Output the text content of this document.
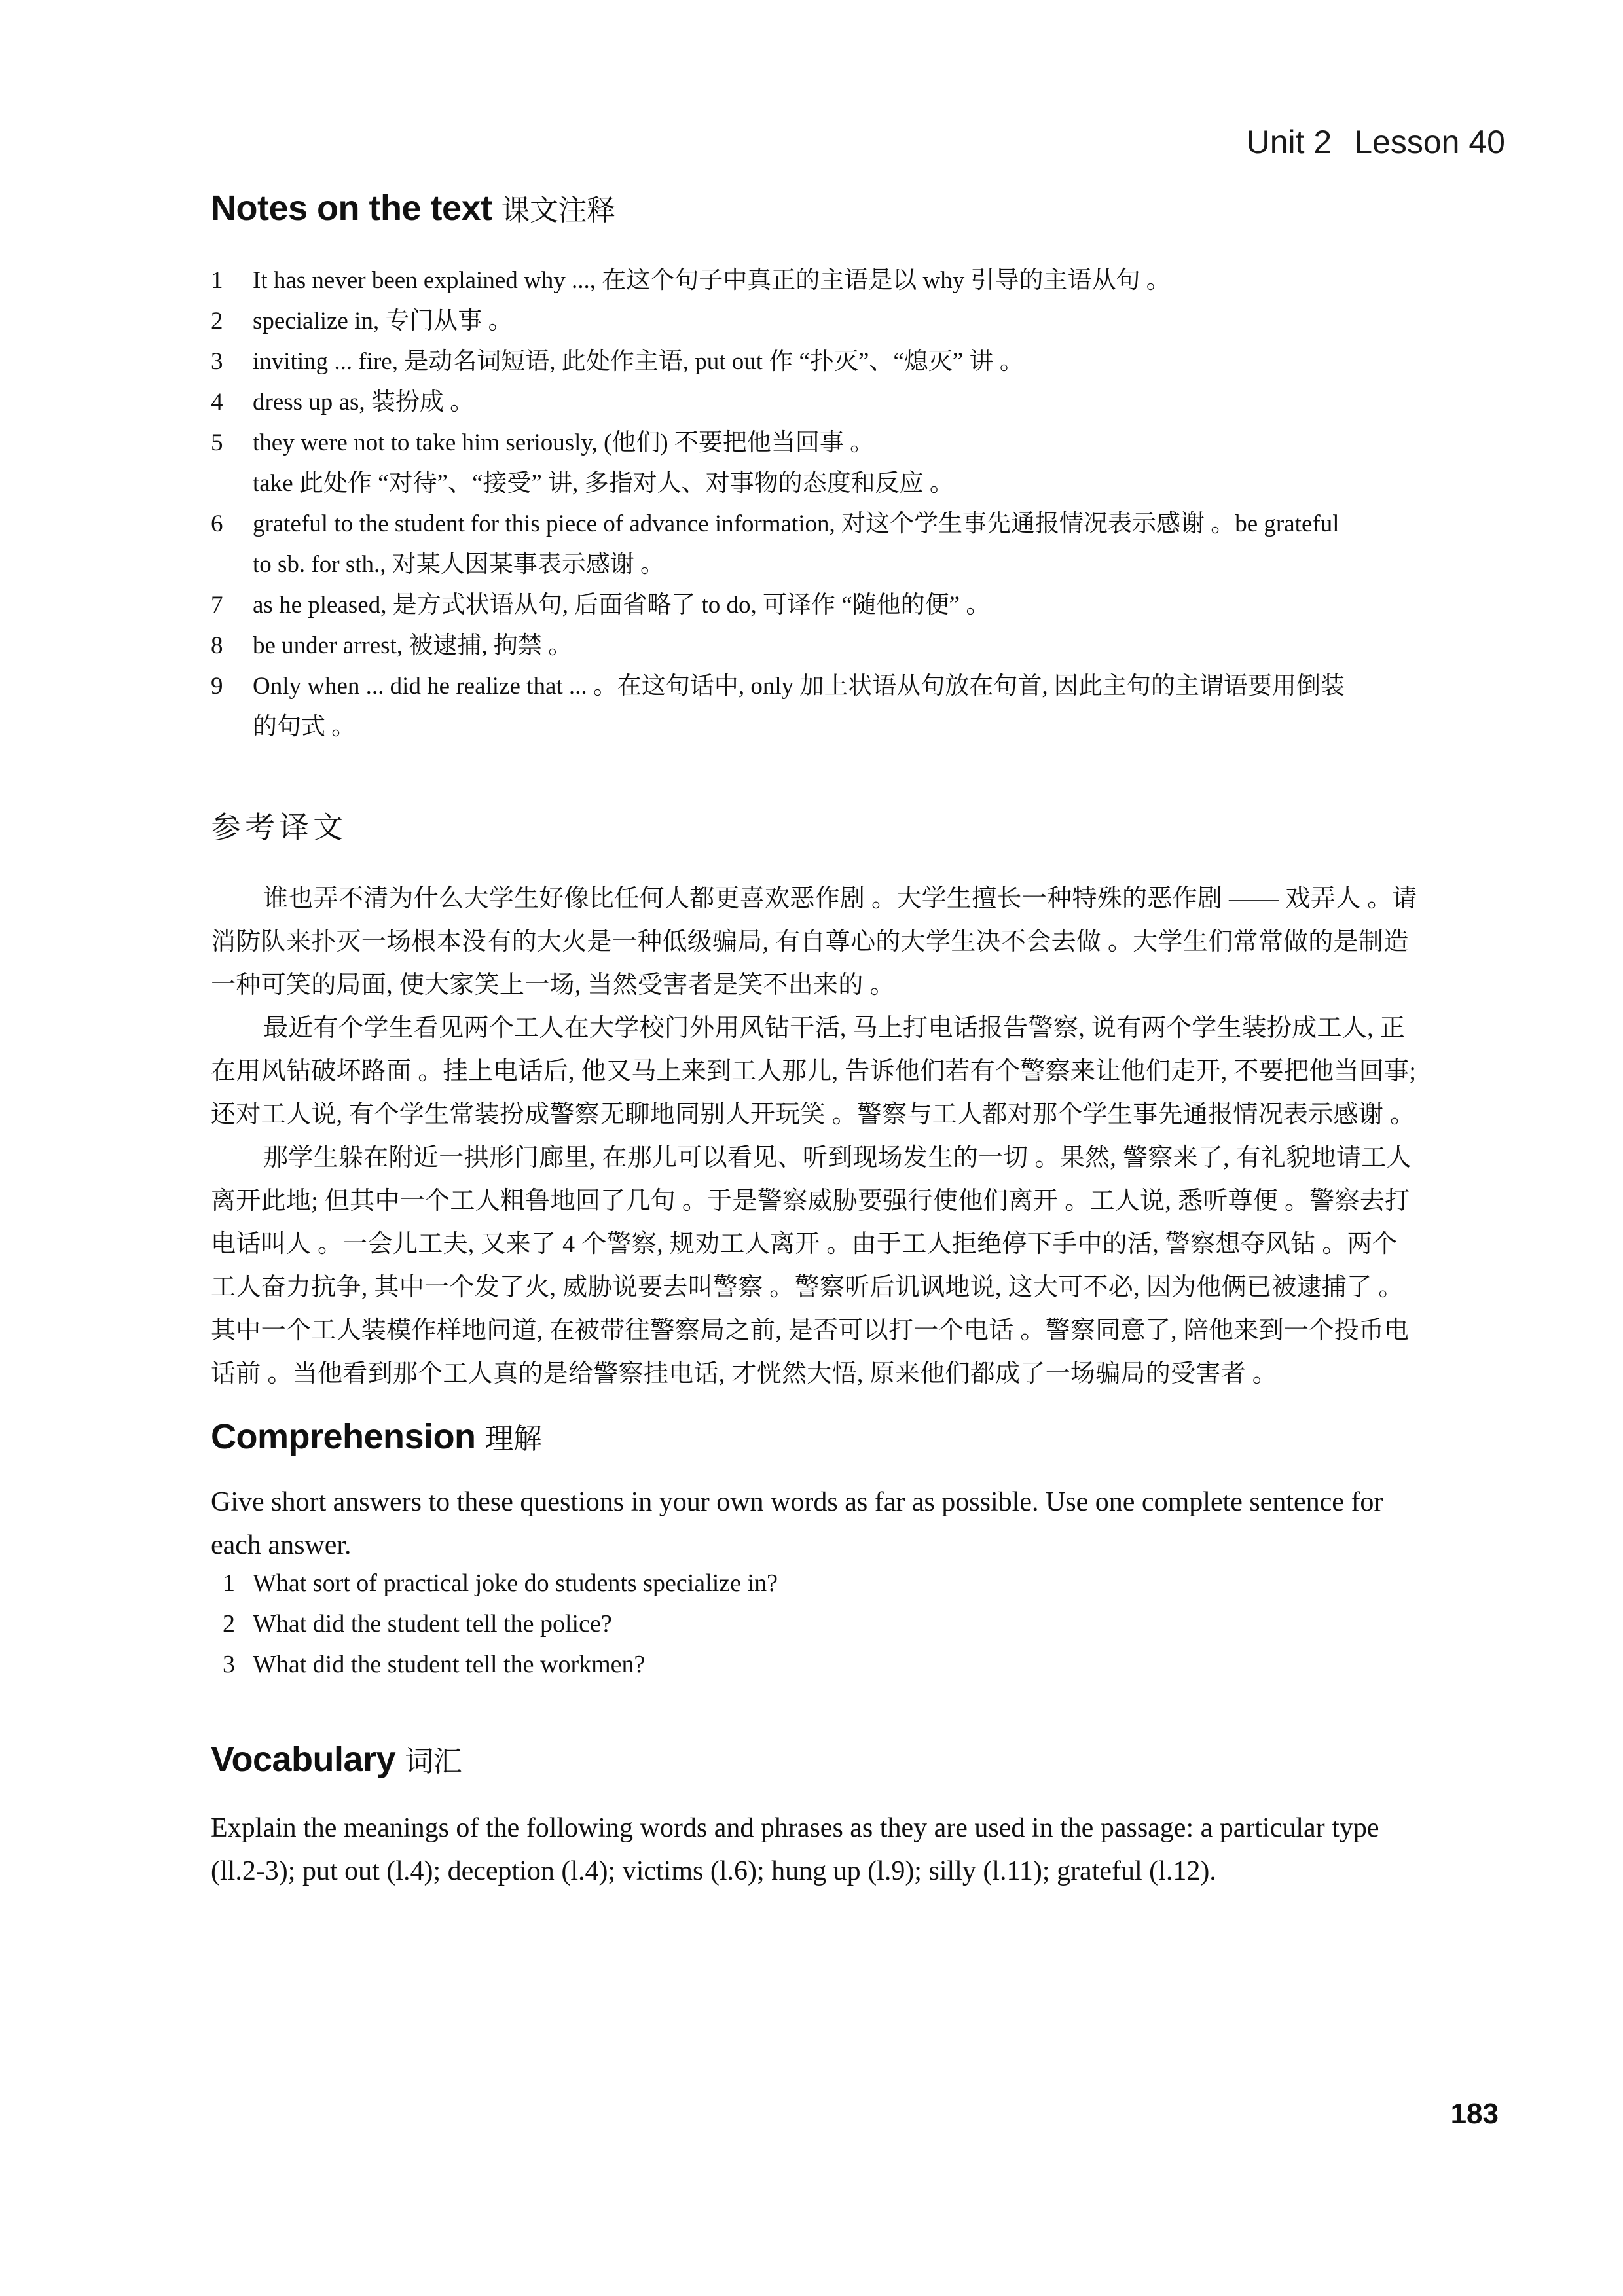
Unit 2 Lesson 40
Notes on the text 课文注释
1 It has never been explained why ..., 在这个句子中真正的主语是以 why 引导的主语从句 。
2 specialize in, 专门从事 。
3 inviting ... fire, 是动名词短语, 此处作主语, put out 作 “扑灭”、“熄灭” 讲 。
4 dress up as, 装扮成 。
5 they were not to take him seriously, (他们) 不要把他当回事 。
take 此处作 “对待”、“接受” 讲, 多指对人、对事物的态度和反应 。
6 grateful to the student for this piece of advance information, 对这个学生事先通报情况表示感谢 。be grateful
to sb. for sth., 对某人因某事表示感谢 。
7 as he pleased, 是方式状语从句, 后面省略了 to do, 可译作 “随他的便” 。
8 be under arrest, 被逮捕, 拘禁 。
9 Only when ... did he realize that ... 。在这句话中, only 加上状语从句放在句首, 因此主句的主谓语要用倒装
的句式 。
参考译文
谁也弄不清为什么大学生好像比任何人都更喜欢恶作剧 。大学生擅长一种特殊的恶作剧 —— 戏弄人 。请
消防队来扑灭一场根本没有的大火是一种低级骗局, 有自尊心的大学生决不会去做 。大学生们常常做的是制造
一种可笑的局面, 使大家笑上一场, 当然受害者是笑不出来的 。
最近有个学生看见两个工人在大学校门外用风钻干活, 马上打电话报告警察, 说有两个学生装扮成工人, 正
在用风钻破坏路面 。挂上电话后, 他又马上来到工人那儿, 告诉他们若有个警察来让他们走开, 不要把他当回事;
还对工人说, 有个学生常装扮成警察无聊地同别人开玩笑 。警察与工人都对那个学生事先通报情况表示感谢 。
那学生躲在附近一拱形门廊里, 在那儿可以看见、听到现场发生的一切 。果然, 警察来了, 有礼貌地请工人
离开此地; 但其中一个工人粗鲁地回了几句 。于是警察威胁要强行使他们离开 。工人说, 悉听尊便 。警察去打
电话叫人 。一会儿工夫, 又来了 4 个警察, 规劝工人离开 。由于工人拒绝停下手中的活, 警察想夺风钻 。两个
工人奋力抗争, 其中一个发了火, 威胁说要去叫警察 。警察听后讥讽地说, 这大可不必, 因为他俩已被逮捕了 。
其中一个工人装模作样地问道, 在被带往警察局之前, 是否可以打一个电话 。警察同意了, 陪他来到一个投币电
话前 。当他看到那个工人真的是给警察挂电话, 才恍然大悟, 原来他们都成了一场骗局的受害者 。
Comprehension 理解
Give short answers to these questions in your own words as far as possible. Use one complete sentence for
each answer.
1 What sort of practical joke do students specialize in?
2 What did the student tell the police?
3 What did the student tell the workmen?
Vocabulary 词汇
Explain the meanings of the following words and phrases as they are used in the passage: a particular type
(ll.2-3); put out (l.4); deception (l.4); victims (l.6); hung up (l.9); silly (l.11); grateful (l.12).
183
